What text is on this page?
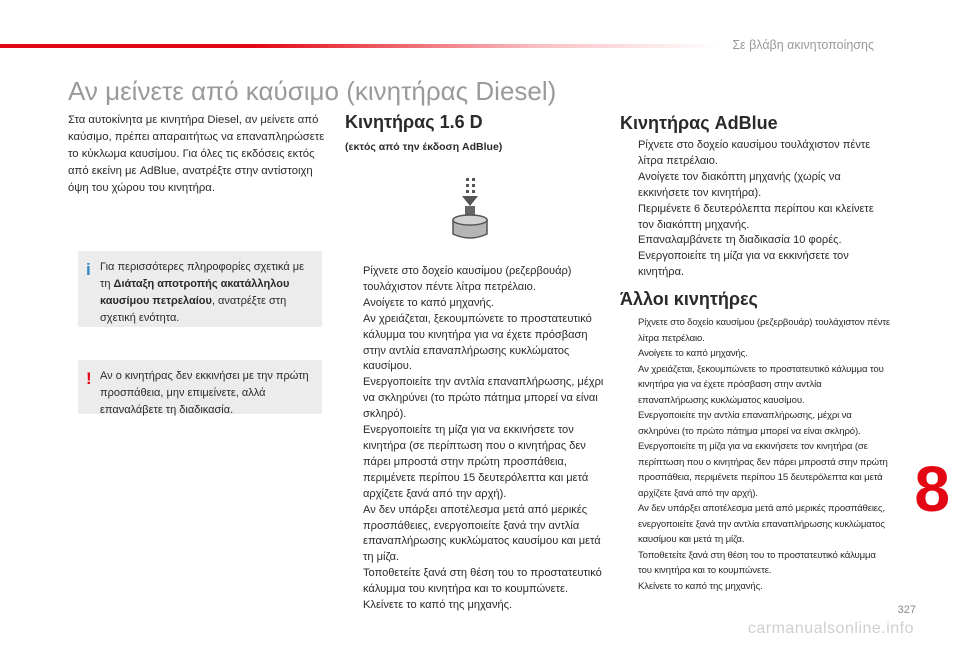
Σε βλάβη ακινητοποίησης
Αν μείνετε από καύσιμο (κινητήρας Diesel)

Στα αυτοκίνητα με κινητήρα Diesel, αν μείνετε από καύσιμο, πρέπει απαραιτήτως να επαναπληρώσετε το κύκλωμα καυσίμου. Για όλες τις εκδόσεις εκτός από εκείνη με AdBlue, ανατρέξτε στην αντίστοιχη όψη του χώρου του κινητήρα.

i Για περισσότερες πληροφορίες σχετικά με τη Διάταξη αποτροπής ακατάλληλου καυσίμου πετρελαίου, ανατρέξτε στη σχετική ενότητα.
! Αν ο κινητήρας δεν εκκινήσει με την πρώτη προσπάθεια, μην επιμείνετε, αλλά επαναλάβετε τη διαδικασία.
Κινητήρας 1.6 D

(εκτός από την έκδοση AdBlue)

Ρίχνετε στο δοχείο καυσίμου (ρεζερβουάρ) τουλάχιστον πέντε λίτρα πετρέλαιο.
Ανοίγετε το καπό μηχανής.
Αν χρειάζεται, ξεκουμπώνετε το προστατευτικό κάλυμμα του κινητήρα για να έχετε πρόσβαση στην αντλία επαναπλήρωσης κυκλώματος καυσίμου.
Ενεργοποιείτε την αντλία επαναπλήρωσης, μέχρι να σκληρύνει (το πρώτο πάτημα μπορεί να είναι σκληρό).
Ενεργοποιείτε τη μίζα για να εκκινήσετε τον κινητήρα (σε περίπτωση που ο κινητήρας δεν πάρει μπροστά στην πρώτη προσπάθεια, περιμένετε περίπου 15 δευτερόλεπτα και μετά αρχίζετε ξανά από την αρχή).
Αν δεν υπάρξει αποτέλεσμα μετά από μερικές προσπάθειες, ενεργοποιείτε ξανά την αντλία επαναπλήρωσης κυκλώματος καυσίμου και μετά τη μίζα.
Τοποθετείτε ξανά στη θέση του το προστατευτικό κάλυμμα του κινητήρα και το κουμπώνετε.
Κλείνετε το καπό της μηχανής.
Κινητήρας AdBlue
Ρίχνετε στο δοχείο καυσίμου τουλάχιστον πέντε λίτρα πετρέλαιο.
Ανοίγετε τον διακόπτη μηχανής (χωρίς να εκκινήσετε τον κινητήρα).
Περιμένετε 6 δευτερόλεπτα περίπου και κλείνετε τον διακόπτη μηχανής.
Επαναλαμβάνετε τη διαδικασία 10 φορές.
Ενεργοποιείτε τη μίζα για να εκκινήσετε τον κινητήρα.
Άλλοι κινητήρες
Ρίχνετε στο δοχείο καυσίμου (ρεζερβουάρ) τουλάχιστον πέντε λίτρα πετρέλαιο.
Ανοίγετε το καπό μηχανής.
Αν χρειάζεται, ξεκουμπώνετε το προστατευτικό κάλυμμα του κινητήρα για να έχετε πρόσβαση στην αντλία επαναπλήρωσης κυκλώματος καυσίμου.
Ενεργοποιείτε την αντλία επαναπλήρωσης, μέχρι να σκληρύνει (το πρώτο πάτημα μπορεί να είναι σκληρό).
Ενεργοποιείτε τη μίζα για να εκκινήσετε τον κινητήρα (σε περίπτωση που ο κινητήρας δεν πάρει μπροστά στην πρώτη προσπάθεια, περιμένετε περίπου 15 δευτερόλεπτα και μετά αρχίζετε ξανά από την αρχή).
Αν δεν υπάρξει αποτέλεσμα μετά από μερικές προσπάθειες, ενεργοποιείτε ξανά την αντλία επαναπλήρωσης κυκλώματος καυσίμου και μετά τη μίζα.
Τοποθετείτε ξανά στη θέση του το προστατευτικό κάλυμμα του κινητήρα και το κουμπώνετε.
Κλείνετε το καπό της μηχανής.
8
327
carmanualsonline.info
